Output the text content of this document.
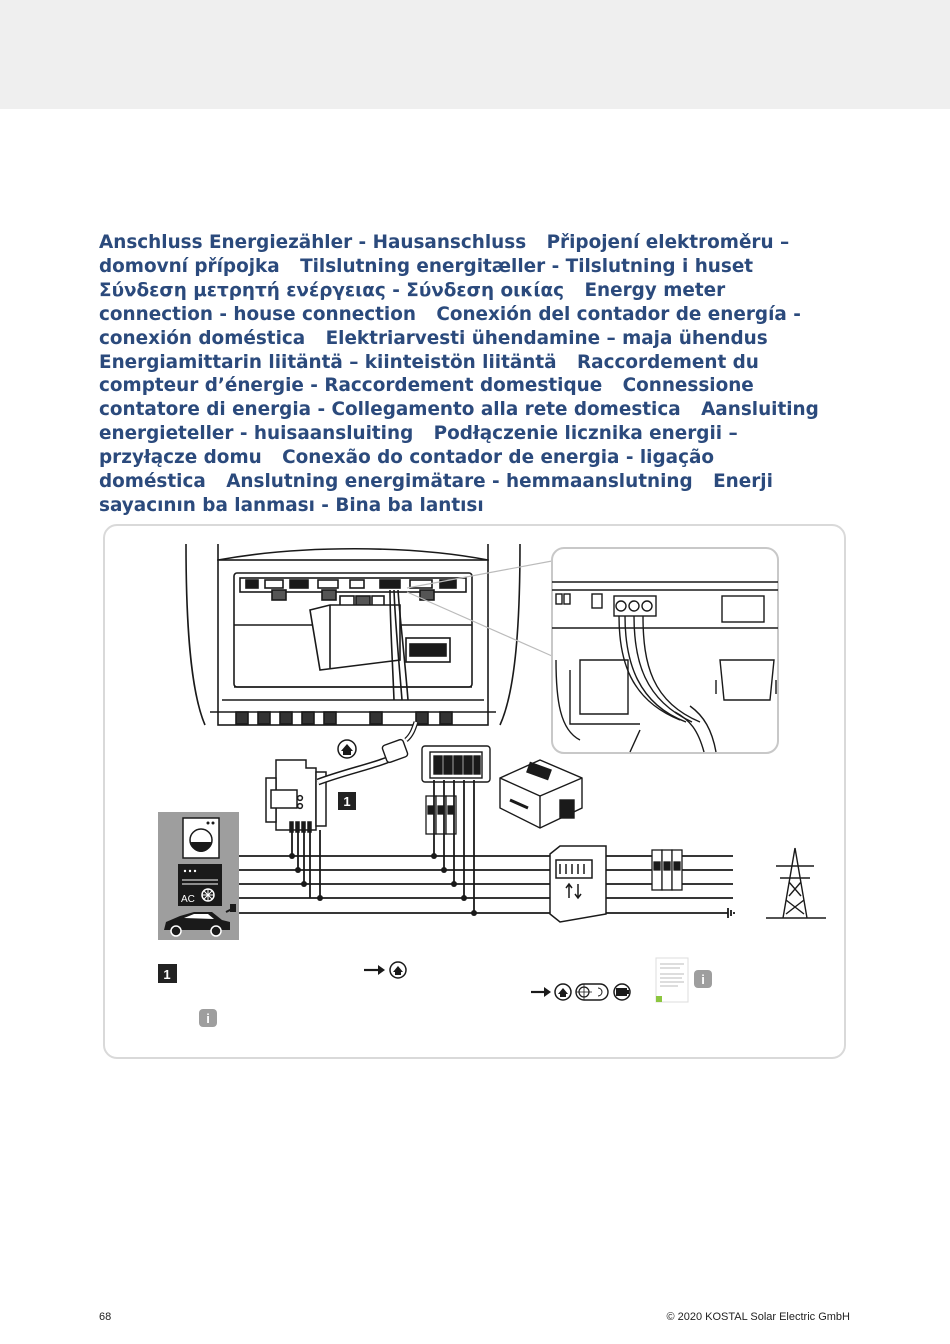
Anschluss Energiezähler - Hausanschluss Připojení elektroměru – domovní přípojka Tilslutning energitæller - Tilslutning i huset Σύνδεση μετρητή ενέργειας - Σύνδεση οικίας Energy meter connection - house connection Conexión del contador de energía - conexión doméstica Elektriarvesti ühendamine – maja ühendus Energiamittarin liitäntä – kiinteistön liitäntä Raccordement du compteur d’énergie - Raccordement domestique Connessione contatore di energia - Collegamento alla rete domestica Aansluiting energieteller - huisaansluiting Podłączenie licznika energii – przyłącze domu Conexão do contador de energia - ligação doméstica Anslutning energimätare - hemmaanslutning Enerji sayacının ba lanması - Bina ba lantısı
1
AC
1	i
i
68	© 2020 KOSTAL Solar Electric GmbH
